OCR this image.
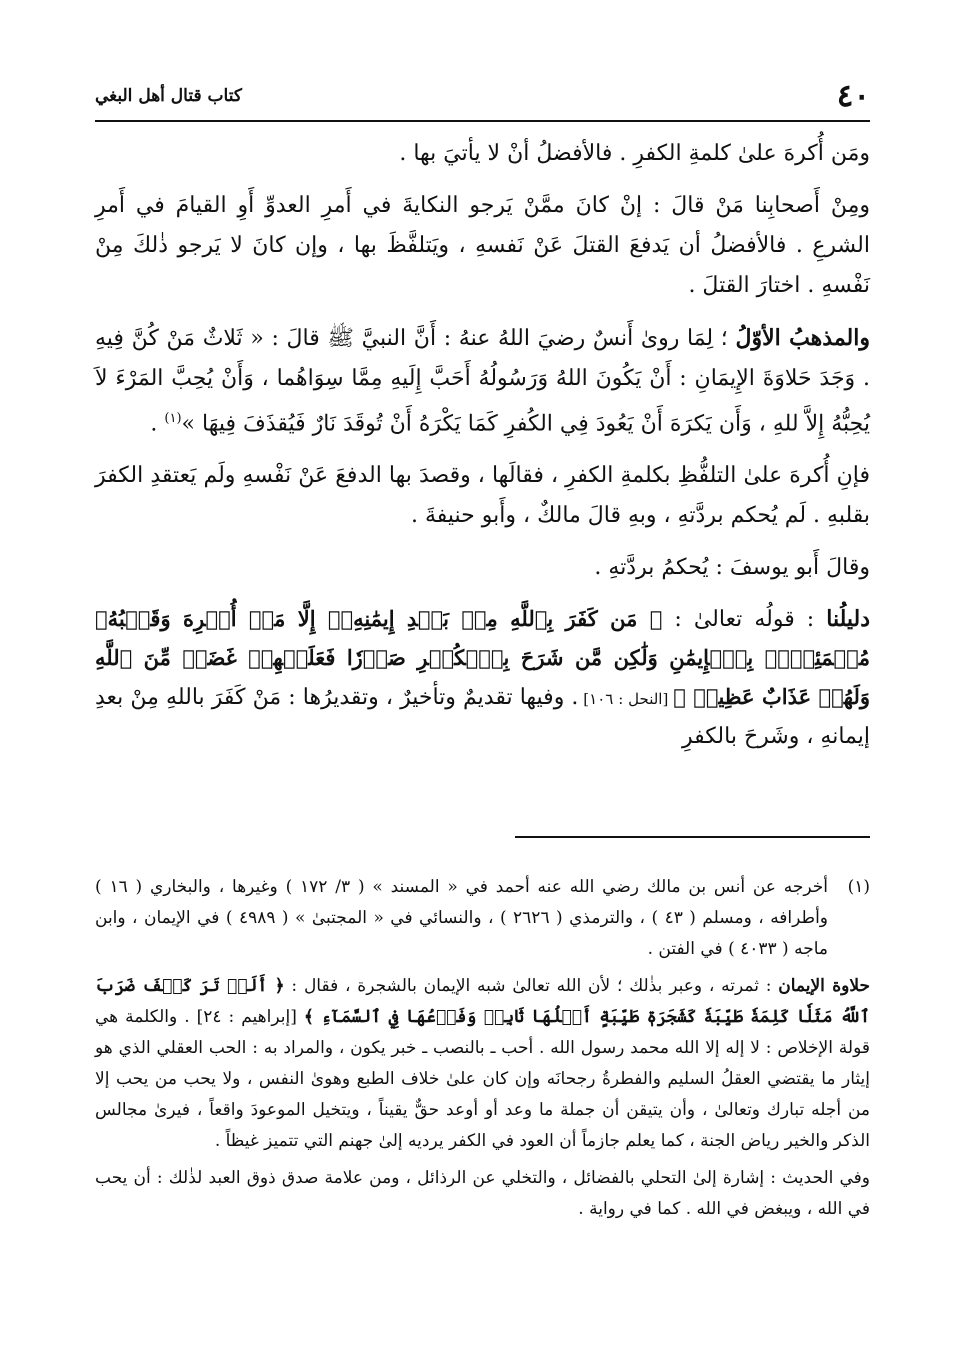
٤٠
كتاب قتال أهل البغي

ومَن أُكرهَ علىٰ كلمةِ الكفرِ . فالأفضلُ أنْ لا يأتيَ بها .

ومِنْ أَصحابِنا مَنْ قالَ : إنْ كانَ ممَّنْ يَرجو النكايةَ في أَمرِ العدوِّ أَوِ القيامَ في أَمرِ الشرعِ . فالأفضلُ أن يَدفعَ القتلَ عَنْ نَفسهِ ، ويَتلفَّظَ بها ، وإن كانَ لا يَرجو ذٰلكَ مِنْ نَفْسهِ . اختارَ القتلَ .

والمذهبُ الأوّلُ ؛ لِمَا روىٰ أَنسٌ رضيَ اللهُ عنهُ : أَنَّ النبيَّ ﷺ قالَ : « ثَلاثٌ مَنْ كُنَّ فِيهِ . وَجَدَ حَلاوَةَ الإِيمَانِ : أَنْ يَكُونَ اللهُ وَرَسُولُهُ أَحَبَّ إِلَيهِ مِمَّا سِوَاهُما ، وَأَنْ يُحِبَّ المَرْءَ لاَ يُحِبُّهُ إِلاَّ للهِ ، وَأَن يَكرَهَ أَنْ يَعُودَ فِي الكُفرِ كَمَا يَكْرَهُ أَنْ تُوقَدَ نَارٌ فَيُقذَفَ فِيهَا »$^{(١)}$ .

فإنِ أُكرهَ علىٰ التلفُّظِ بكلمةِ الكفرِ ، فقالَها ، وقصدَ بها الدفعَ عَنْ نَفْسهِ ولَم يَعتقدِ الكفرَ بقلبهِ . لَم يُحكم بردَّتهِ ، وبهِ قالَ مالكٌ ، وأَبو حنيفةَ .

وقالَ أَبو يوسفَ : يُحكمُ بردَّتهِ .

دليلُنا : قولُه تعالىٰ : ﴿ مَن كَفَرَ بِٱللَّهِ مِنۢ بَعۡدِ إِيمَٰنِهِۦٓ إِلَّا مَنۡ أُكۡرِهَ وَقَلۡبُهُۥ مُطۡمَئِنُّۢ بِٱلۡإِيمَٰنِ وَلَٰكِن مَّن شَرَحَ بِٱلۡكُفۡرِ صَدۡرٗا فَعَلَيۡهِمۡ غَضَبٞ مِّنَ ٱللَّهِ وَلَهُمۡ عَذَابٌ عَظِيمٞ ﴾ [النحل : ١٠٦] . وفيها تقديمٌ وتأخيرٌ ، وتقديرُها : مَنْ كَفَرَ باللهِ مِنْ بعدِ إيمانهِ ، وشَرحَ بالكفرِ

(١)
أخرجه عن أنس بن مالك رضي الله عنه أحمد في « المسند » ( ٣/ ١٧٢ ) وغيرها ، والبخاري ( ١٦ ) وأطرافه ، ومسلم ( ٤٣ ) ، والترمذي ( ٢٦٢٦ ) ، والنسائي في « المجتبىٰ » ( ٤٩٨٩ ) في الإيمان ، وابن ماجه ( ٤٠٣٣ ) في الفتن .

حلاوة الإيمان : ثمرته ، وعبر بذٰلك ؛ لأن الله تعالىٰ شبه الإيمان بالشجرة ، فقال : ﴿ أَلَمۡ تَرَ كَيۡفَ ضَرَبَ ٱللَّهُ مَثَلٗا كَلِمَةٗ طَيِّبَةٗ كَشَجَرَةٖ طَيِّبَةٍ أَصۡلُهَا ثَابِتٞ وَفَرۡعُهَا فِي ٱلسَّمَآءِ ﴾ [إبراهيم : ٢٤] . والكلمة هي قولة الإخلاص : لا إله إلا الله محمد رسول الله . أحب ـ بالنصب ـ خبر يكون ، والمراد به : الحب العقلي الذي هو إيثار ما يقتضي العقلُ السليم والفطرةُ رجحانَه وإن كان علىٰ خلاف الطبع وهوىٰ النفس ، ولا يحب من يحب إلا من أجله تبارك وتعالىٰ ، وأن يتيقن أن جملة ما وعد أو أوعد حقٌّ يقيناً ، ويتخيل الموعودَ واقعاً ، فيرىٰ مجالس الذكر والخير رياض الجنة ، كما يعلم جازماً أن العود في الكفر يرديه إلىٰ جهنم التي تتميز غيظاً .

وفي الحديث : إشارة إلىٰ التحلي بالفضائل ، والتخلي عن الرذائل ، ومن علامة صدق ذوق العبد لذٰلك : أن يحب في الله ، ويبغض في الله . كما في رواية .
